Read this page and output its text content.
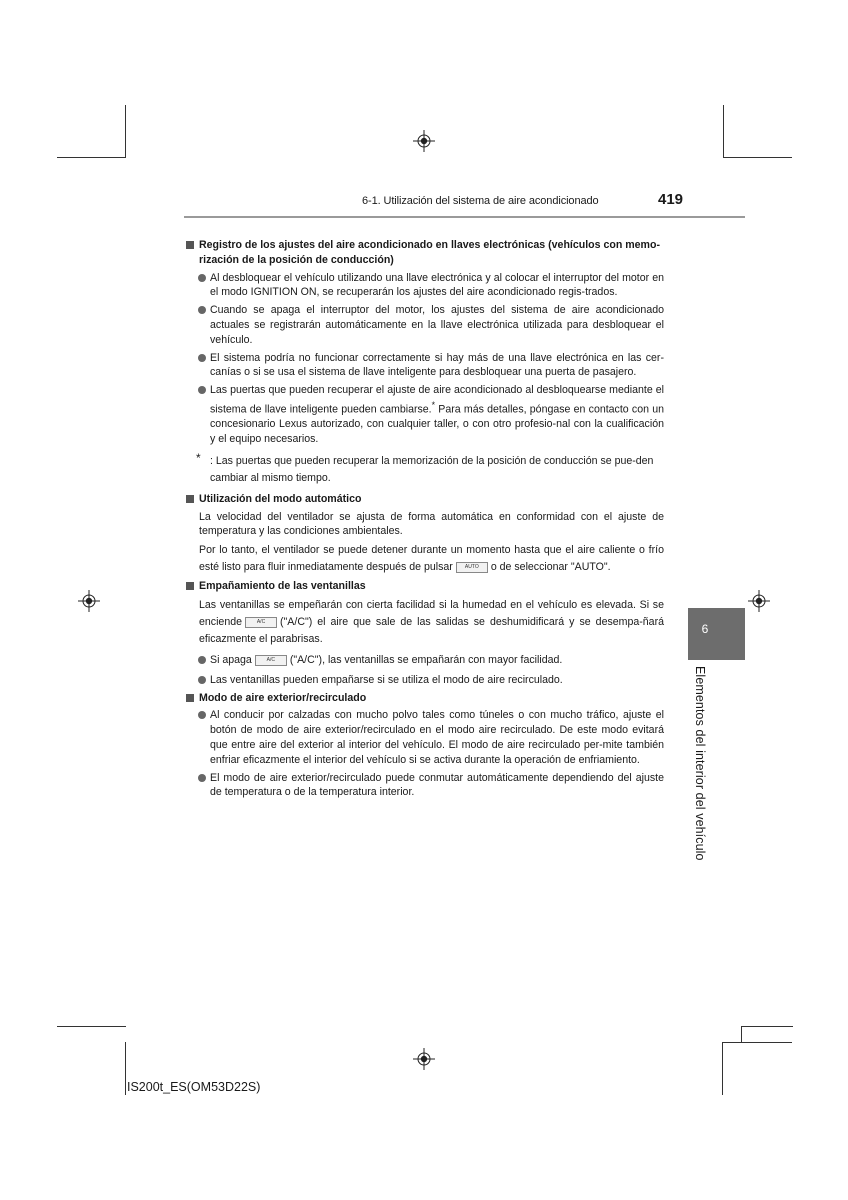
6-1. Utilización del sistema de aire acondicionado	419
6
Elementos del interior del vehículo
Registro de los ajustes del aire acondicionado en llaves electrónicas (vehículos con memo-rización de la posición de conducción)
Al desbloquear el vehículo utilizando una llave electrónica y al colocar el interruptor del motor en el modo IGNITION ON, se recuperarán los ajustes del aire acondicionado regis-trados.
Cuando se apaga el interruptor del motor, los ajustes del sistema de aire acondicionado actuales se registrarán automáticamente en la llave electrónica utilizada para desbloquear el vehículo.
El sistema podría no funcionar correctamente si hay más de una llave electrónica en las cer-canías o si se usa el sistema de llave inteligente para desbloquear una puerta de pasajero.
Las puertas que pueden recuperar el ajuste de aire acondicionado al desbloquearse mediante el sistema de llave inteligente pueden cambiarse.* Para más detalles, póngase en contacto con un concesionario Lexus autorizado, con cualquier taller, o con otro profesio-nal con la cualificación y el equipo necesarios.
* : Las puertas que pueden recuperar la memorización de la posición de conducción se pue-den cambiar al mismo tiempo.
Utilización del modo automático
La velocidad del ventilador se ajusta de forma automática en conformidad con el ajuste de temperatura y las condiciones ambientales.
Por lo tanto, el ventilador se puede detener durante un momento hasta que el aire caliente o frío esté listo para fluir inmediatamente después de pulsar AUTO o de seleccionar "AUTO".
Empañamiento de las ventanillas
Las ventanillas se empeñarán con cierta facilidad si la humedad en el vehículo es elevada. Si se enciende	A/C ("A/C") el aire que sale de las salidas se deshumidificará y se desempa-ñará eficazmente el parabrisas.
Si apaga	A/C ("A/C"), las ventanillas se empañarán con mayor facilidad.
Las ventanillas pueden empañarse si se utiliza el modo de aire recirculado.
Modo de aire exterior/recirculado
Al conducir por calzadas con mucho polvo tales como túneles o con mucho tráfico, ajuste el botón de modo de aire exterior/recirculado en el modo aire recirculado. De este modo evitará que entre aire del exterior al interior del vehículo. El modo de aire recirculado per-mite también enfriar eficazmente el interior del vehículo si se activa durante la operación de enfriamiento.
El modo de aire exterior/recirculado puede conmutar automáticamente dependiendo del ajuste de temperatura o de la temperatura interior.
IS200t_ES(OM53D22S)
